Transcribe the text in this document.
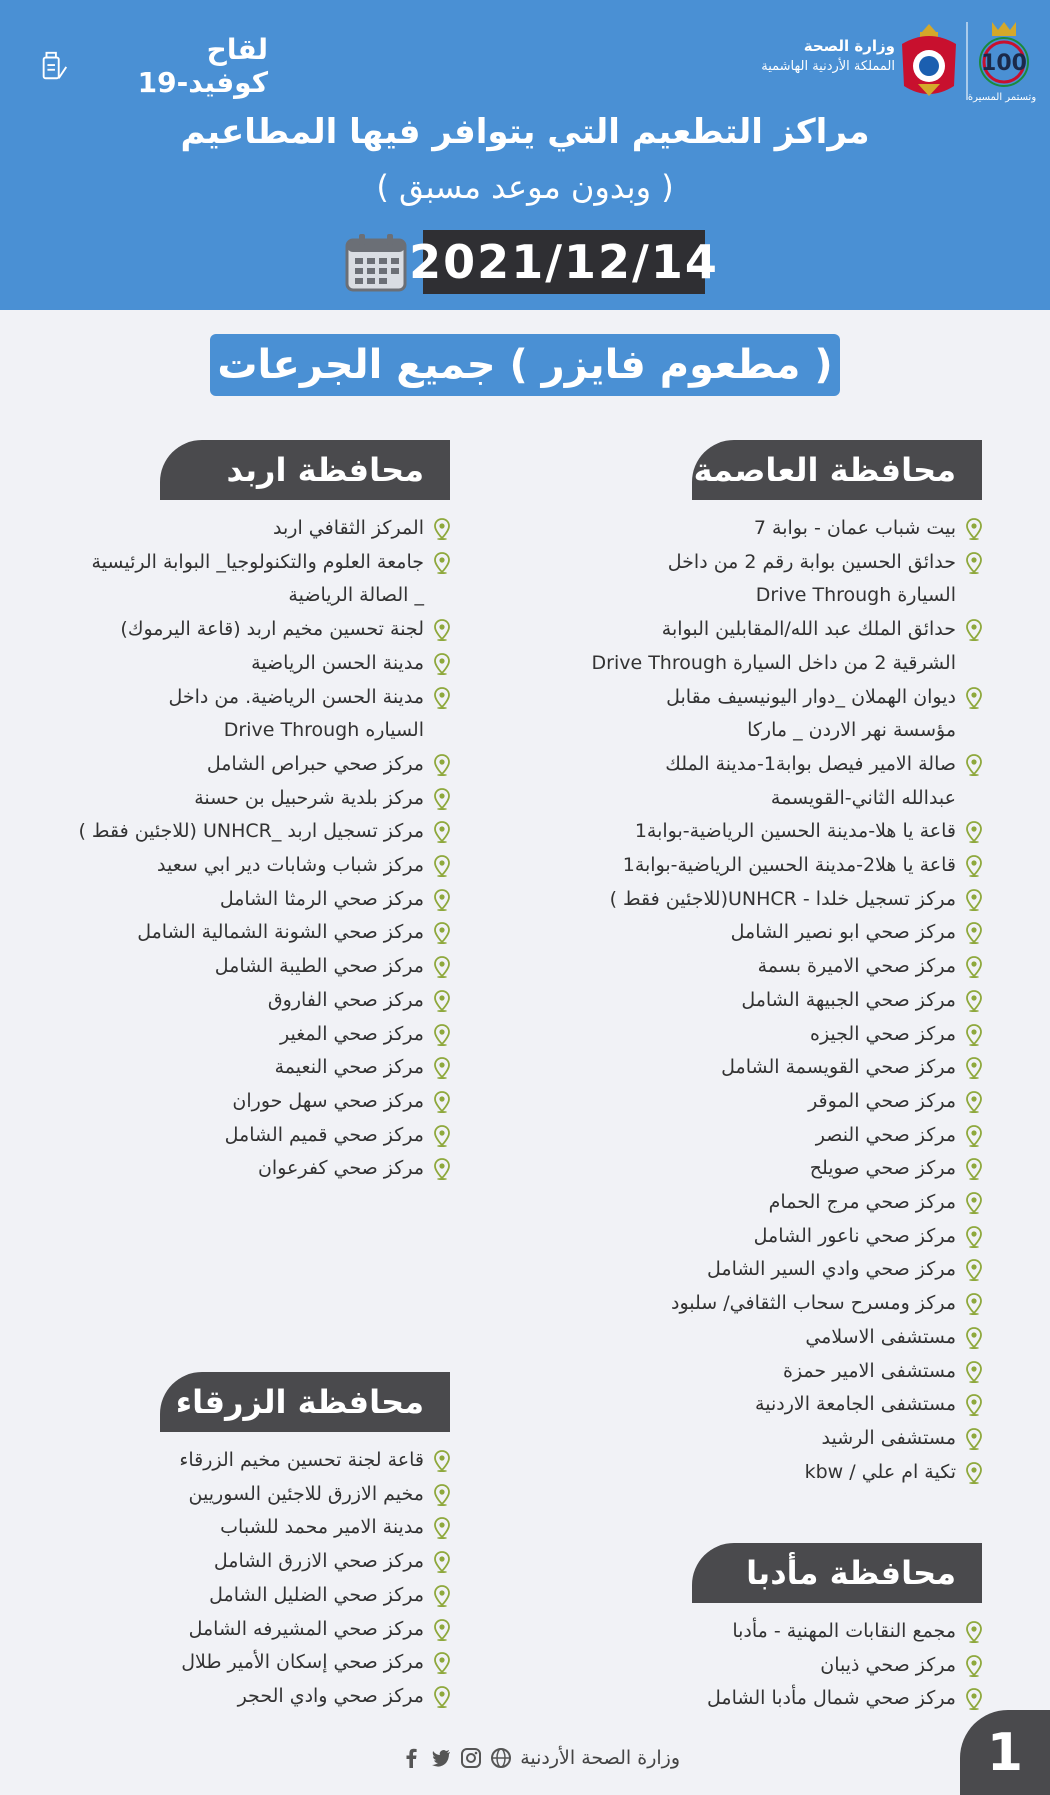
لقاح كوفيد-19
وزارة الصحة
المملكة الأردنية الهاشمية	100
وتستمر المسيرة
مراكز التطعيم التي يتوافر فيها المطاعيم
( وبدون موعد مسبق )
2021/12/14
( مطعوم فايزر ) جميع الجرعات
محافظة العاصمة
بيت شباب عمان - بوابة 7
حدائق الحسين بوابة رقم 2 من داخل
السيارة Drive Through
حدائق الملك عبد الله/المقابلين البوابة
الشرقية 2 من داخل السيارة Drive Through
ديوان الهملان _دوار اليونيسيف مقابل
مؤسسة نهر الاردن _ ماركا
صالة الامير فيصل بوابة1-مدينة الملك
عبدالله الثاني-القويسمة
قاعة يا هلا-مدينة الحسين الرياضية-بوابة1
قاعة يا هلا2-مدينة الحسين الرياضية-بوابة1
مركز تسجيل خلدا - UNHCR(للاجئين فقط )
مركز صحي ابو نصير الشامل
مركز صحي الاميرة بسمة
مركز صحي الجبيهة الشامل
مركز صحي الجيزه
مركز صحي القويسمة الشامل
مركز صحي الموقر
مركز صحي النصر
مركز صحي صويلح
مركز صحي مرج الحمام
مركز صحي ناعور الشامل
مركز صحي وادي السير الشامل
مركز ومسرح سحاب الثقافي/ سلبود
مستشفى الاسلامي
مستشفى الامير حمزة
مستشفى الجامعة الاردنية
مستشفى الرشيد
تكية ام علي / kbw
محافظة اربد
المركز الثقافي اربد
جامعة العلوم والتكنولوجيا_ البوابة الرئيسية
_ الصالة الرياضية
لجنة تحسين مخيم اربد (قاعة اليرموك)
مدينة الحسن الرياضية
مدينة الحسن الرياضية. من داخل
السياره Drive Through
مركز صحي حبراص الشامل
مركز بلدية شرحبيل بن حسنة
مركز تسجيل اربد _UNHCR (للاجئين فقط )
مركز شباب وشابات دير ابي سعيد
مركز صحي الرمثا الشامل
مركز صحي الشونة الشمالية الشامل
مركز صحي الطيبة الشامل
مركز صحي الفاروق
مركز صحي المغير
مركز صحي النعيمة
مركز صحي سهل حوران
مركز صحي قميم الشامل
مركز صحي كفرعوان
محافظة الزرقاء
قاعة لجنة تحسين مخيم الزرقاء
مخيم الازرق للاجئين السوريين
مدينة الامير محمد للشباب
مركز صحي الازرق الشامل
مركز صحي الضليل الشامل
مركز صحي المشيرفه الشامل
مركز صحي إسكان الأمير طلال
مركز صحي وادي الحجر
محافظة مأدبا
مجمع النقابات المهنية - مأدبا
مركز صحي ذيبان
مركز صحي شمال مأدبا الشامل
وزارة الصحة الأردنية	1
